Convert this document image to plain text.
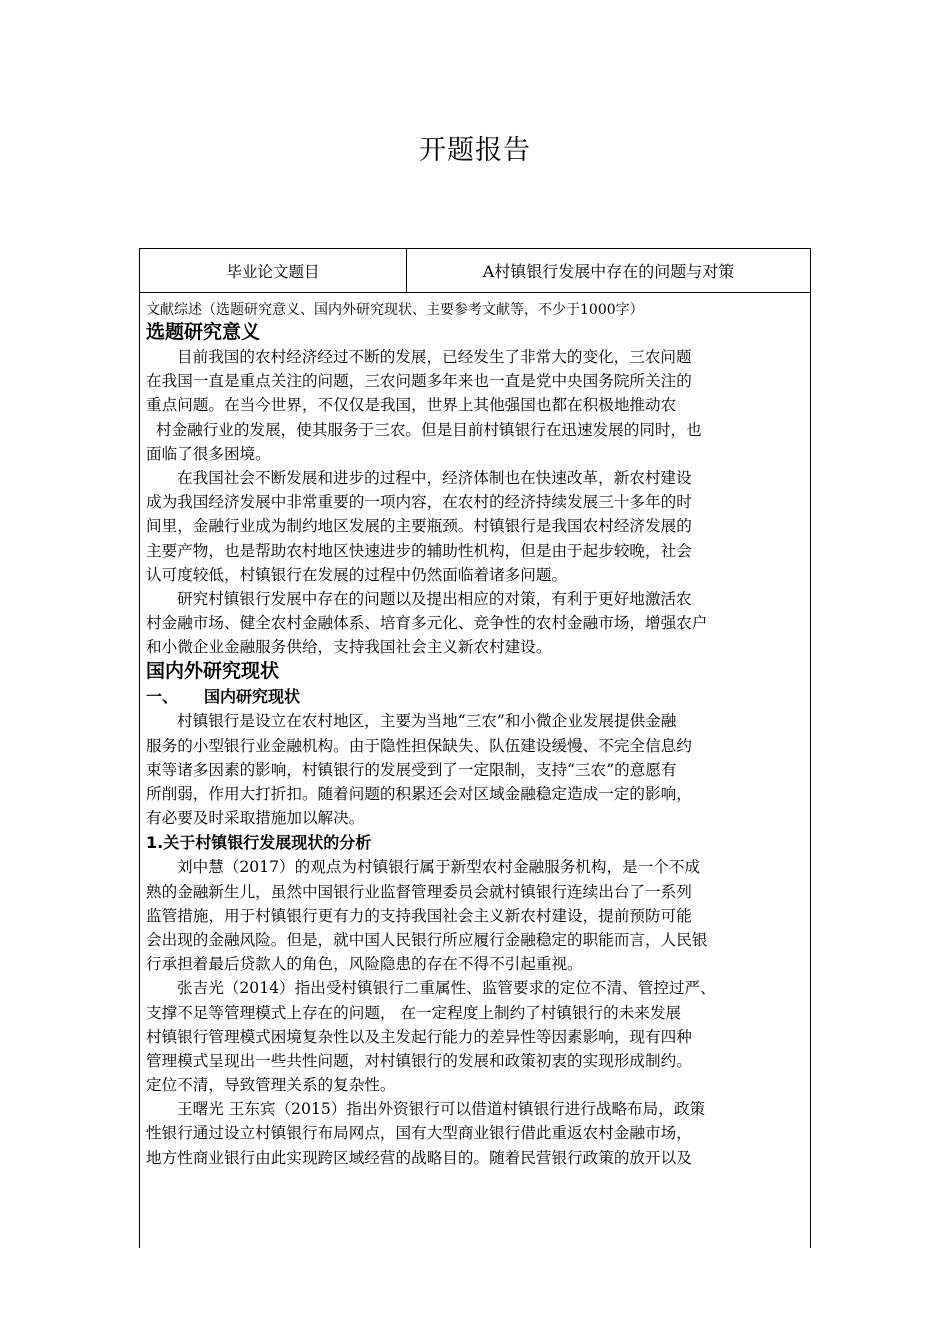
开题报告
毕业论文题目	A村镇银行发展中存在的问题与对策
文献综述（选题研究意义、国内外研究现状、主要参考文献等，不少于1000字）
选题研究意义
目前我国的农村经济经过不断的发展，已经发生了非常大的变化，三农问题
在我国一直是重点关注的问题，三农问题多年来也一直是党中央国务院所关注的
重点问题。在当今世界，不仅仅是我国，世界上其他强国也都在积极地推动农
村金融行业的发展，使其服务于三农。但是目前村镇银行在迅速发展的同时，也
面临了很多困境。
在我国社会不断发展和进步的过程中，经济体制也在快速改革，新农村建设
成为我国经济发展中非常重要的一项内容，在农村的经济持续发展三十多年的时
间里，金融行业成为制约地区发展的主要瓶颈。村镇银行是我国农村经济发展的
主要产物，也是帮助农村地区快速进步的辅助性机构，但是由于起步较晚，社会
认可度较低，村镇银行在发展的过程中仍然面临着诸多问题。
研究村镇银行发展中存在的问题以及提出相应的对策，有利于更好地激活农
村金融市场、健全农村金融体系、培育多元化、竞争性的农村金融市场，增强农户
和小微企业金融服务供给，支持我国社会主义新农村建设。
国内外研究现状
一、 国内研究现状
村镇银行是设立在农村地区，主要为当地“三农”和小微企业发展提供金融
服务的小型银行业金融机构。由于隐性担保缺失、队伍建设缓慢、不完全信息约
束等诸多因素的影响，村镇银行的发展受到了一定限制，支持“三农”的意愿有
所削弱，作用大打折扣。随着问题的积累还会对区域金融稳定造成一定的影响，
有必要及时采取措施加以解决。
1.关于村镇银行发展现状的分析
刘中慧（2017）的观点为村镇银行属于新型农村金融服务机构，是一个不成
熟的金融新生儿，虽然中国银行业监督管理委员会就村镇银行连续出台了一系列
监管措施，用于村镇银行更有力的支持我国社会主义新农村建设，提前预防可能
会出现的金融风险。但是，就中国人民银行所应履行金融稳定的职能而言，人民银
行承担着最后贷款人的角色，风险隐患的存在不得不引起重视。
张吉光（2014）指出受村镇银行二重属性、监管要求的定位不清、管控过严、
支撑不足等管理模式上存在的问题， 在一定程度上制约了村镇银行的未来发展
村镇银行管理模式困境复杂性以及主发起行能力的差异性等因素影响，现有四种
管理模式呈现出一些共性问题，对村镇银行的发展和政策初衷的实现形成制约。
定位不清，导致管理关系的复杂性。
王曙光 王东宾（2015）指出外资银行可以借道村镇银行进行战略布局，政策
性银行通过设立村镇银行布局网点，国有大型商业银行借此重返农村金融市场，
地方性商业银行由此实现跨区域经营的战略目的。随着民营银行政策的放开以及
